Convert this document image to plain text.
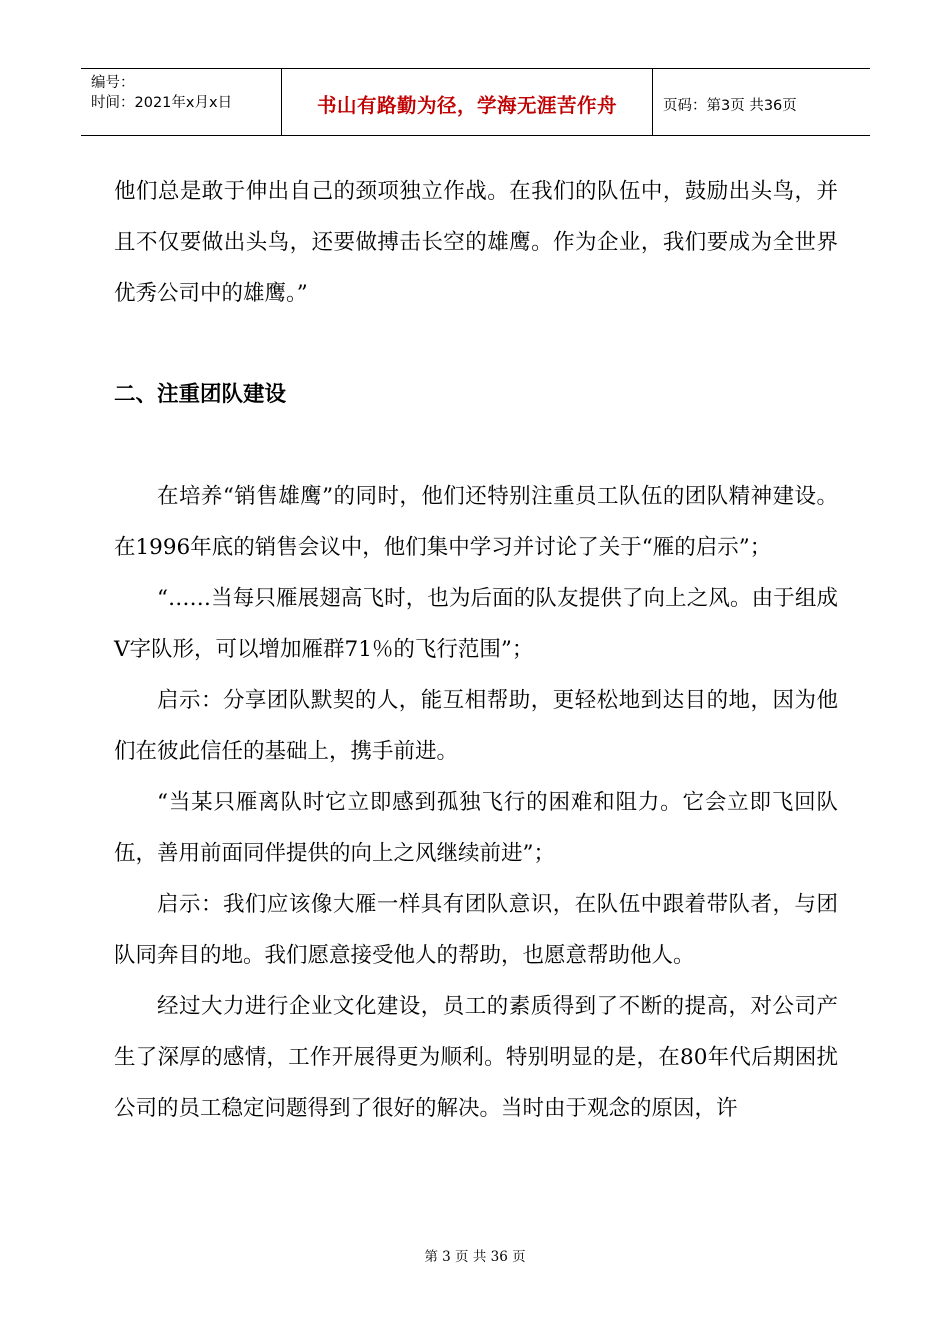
编号：
时间：2021年x月x日	书山有路勤为径，学海无涯苦作舟	页码：第3页 共36页

他们总是敢于伸出自己的颈项独立作战。在我们的队伍中，鼓励出头鸟，并且不仅要做出头鸟，还要做搏击长空的雄鹰。作为企业，我们要成为全世界优秀公司中的雄鹰。”

二、注重团队建设

在培养“销售雄鹰”的同时，他们还特别注重员工队伍的团队精神建设。在1996年底的销售会议中，他们集中学习并讨论了关于“雁的启示”；

“……当每只雁展翅高飞时，也为后面的队友提供了向上之风。由于组成V字队形，可以增加雁群71％的飞行范围”；

启示：分享团队默契的人，能互相帮助，更轻松地到达目的地，因为他们在彼此信任的基础上，携手前进。

“当某只雁离队时它立即感到孤独飞行的困难和阻力。它会立即飞回队伍，善用前面同伴提供的向上之风继续前进”；

启示：我们应该像大雁一样具有团队意识，在队伍中跟着带队者，与团队同奔目的地。我们愿意接受他人的帮助，也愿意帮助他人。

经过大力进行企业文化建设，员工的素质得到了不断的提高，对公司产生了深厚的感情，工作开展得更为顺利。特别明显的是，在80年代后期困扰公司的员工稳定问题得到了很好的解决。当时由于观念的原因，许

第 3 页 共 36 页
